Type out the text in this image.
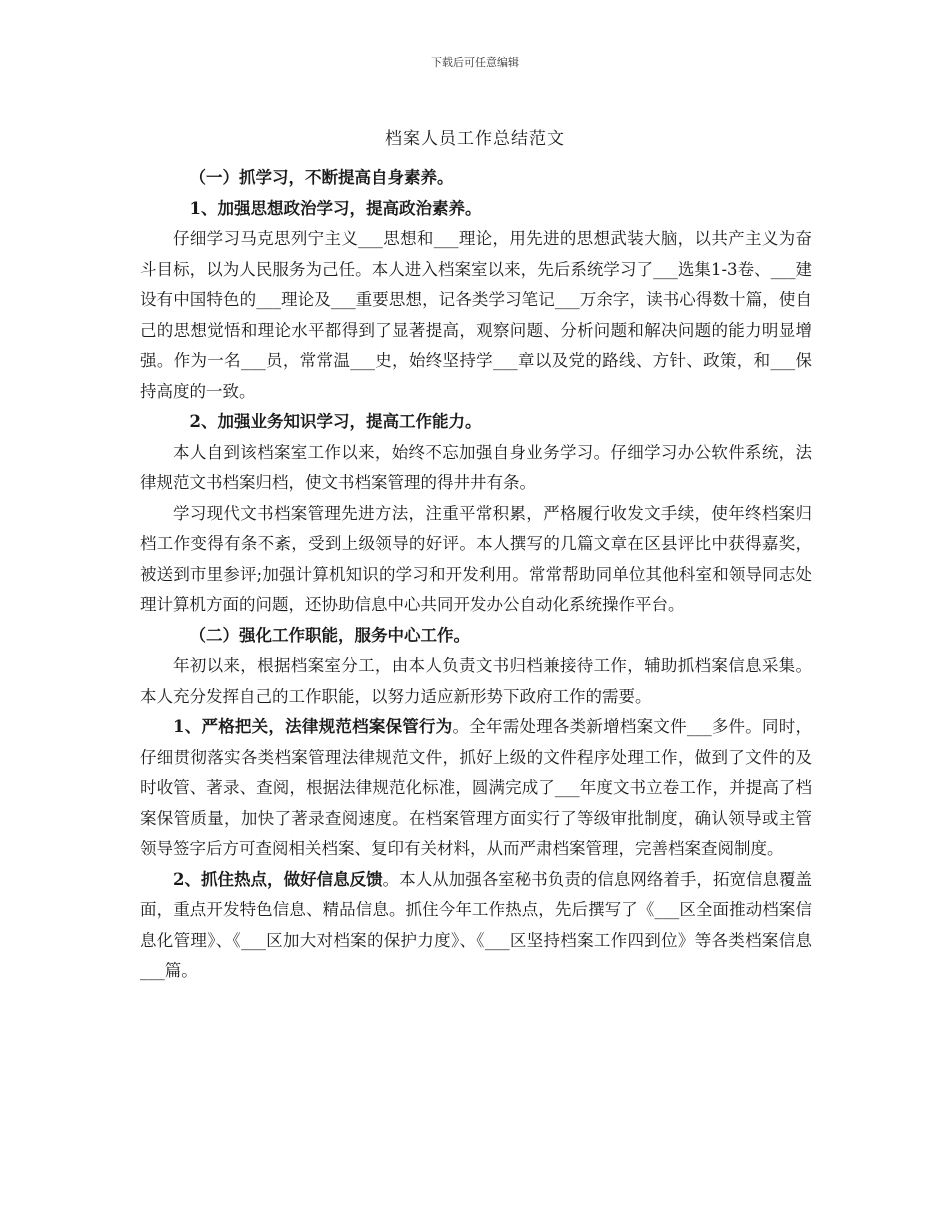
下载后可任意编辑
档案人员工作总结范文

（一）抓学习，不断提高自身素养。

1、加强思想政治学习，提高政治素养。

仔细学习马克思列宁主义___思想和___理论，用先进的思想武装大脑，以共产主义为奋斗目标，以为人民服务为己任。本人进入档案室以来，先后系统学习了___选集1-3卷、___建设有中国特色的___理论及___重要思想，记各类学习笔记___万余字，读书心得数十篇，使自己的思想觉悟和理论水平都得到了显著提高，观察问题、分析问题和解决问题的能力明显增强。作为一名___员，常常温___史，始终坚持学___章以及党的路线、方针、政策，和___保持高度的一致。

2、加强业务知识学习，提高工作能力。

本人自到该档案室工作以来，始终不忘加强自身业务学习。仔细学习办公软件系统，法律规范文书档案归档，使文书档案管理的得井井有条。

学习现代文书档案管理先进方法，注重平常积累，严格履行收发文手续，使年终档案归档工作变得有条不紊，受到上级领导的好评。本人撰写的几篇文章在区县评比中获得嘉奖，被送到市里参评;加强计算机知识的学习和开发利用。常常帮助同单位其他科室和领导同志处理计算机方面的问题，还协助信息中心共同开发办公自动化系统操作平台。

（二）强化工作职能，服务中心工作。

年初以来，根据档案室分工，由本人负责文书归档兼接待工作，辅助抓档案信息采集。本人充分发挥自己的工作职能，以努力适应新形势下政府工作的需要。

1、严格把关，法律规范档案保管行为。全年需处理各类新增档案文件___多件。同时，仔细贯彻落实各类档案管理法律规范文件，抓好上级的文件程序处理工作，做到了文件的及时收管、著录、查阅，根据法律规范化标准，圆满完成了___年度文书立卷工作，并提高了档案保管质量，加快了著录查阅速度。在档案管理方面实行了等级审批制度，确认领导或主管领导签字后方可查阅相关档案、复印有关材料，从而严肃档案管理，完善档案查阅制度。

2、抓住热点，做好信息反馈。本人从加强各室秘书负责的信息网络着手，拓宽信息覆盖面，重点开发特色信息、精品信息。抓住今年工作热点，先后撰写了《___区全面推动档案信息化管理》、《___区加大对档案的保护力度》、《___区坚持档案工作四到位》等各类档案信息___篇。
